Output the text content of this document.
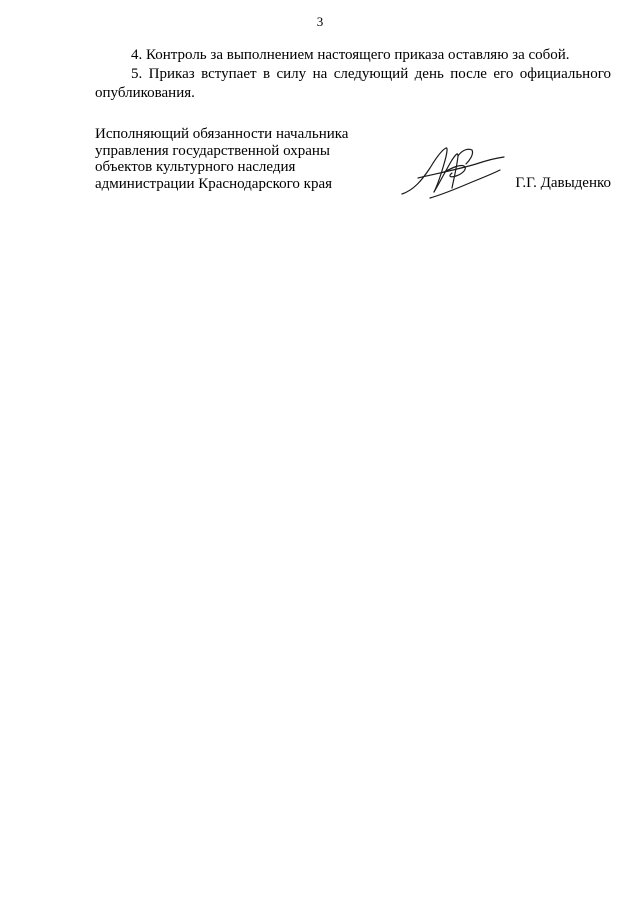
3

4. Контроль за выполнением настоящего приказа оставляю за собой.

5. Приказ вступает в силу на следующий день после его официального опубликования.

Исполняющий обязанности начальника
управления государственной охраны
объектов культурного наследия
администрации Краснодарского края	Г.Г. Давыденко
